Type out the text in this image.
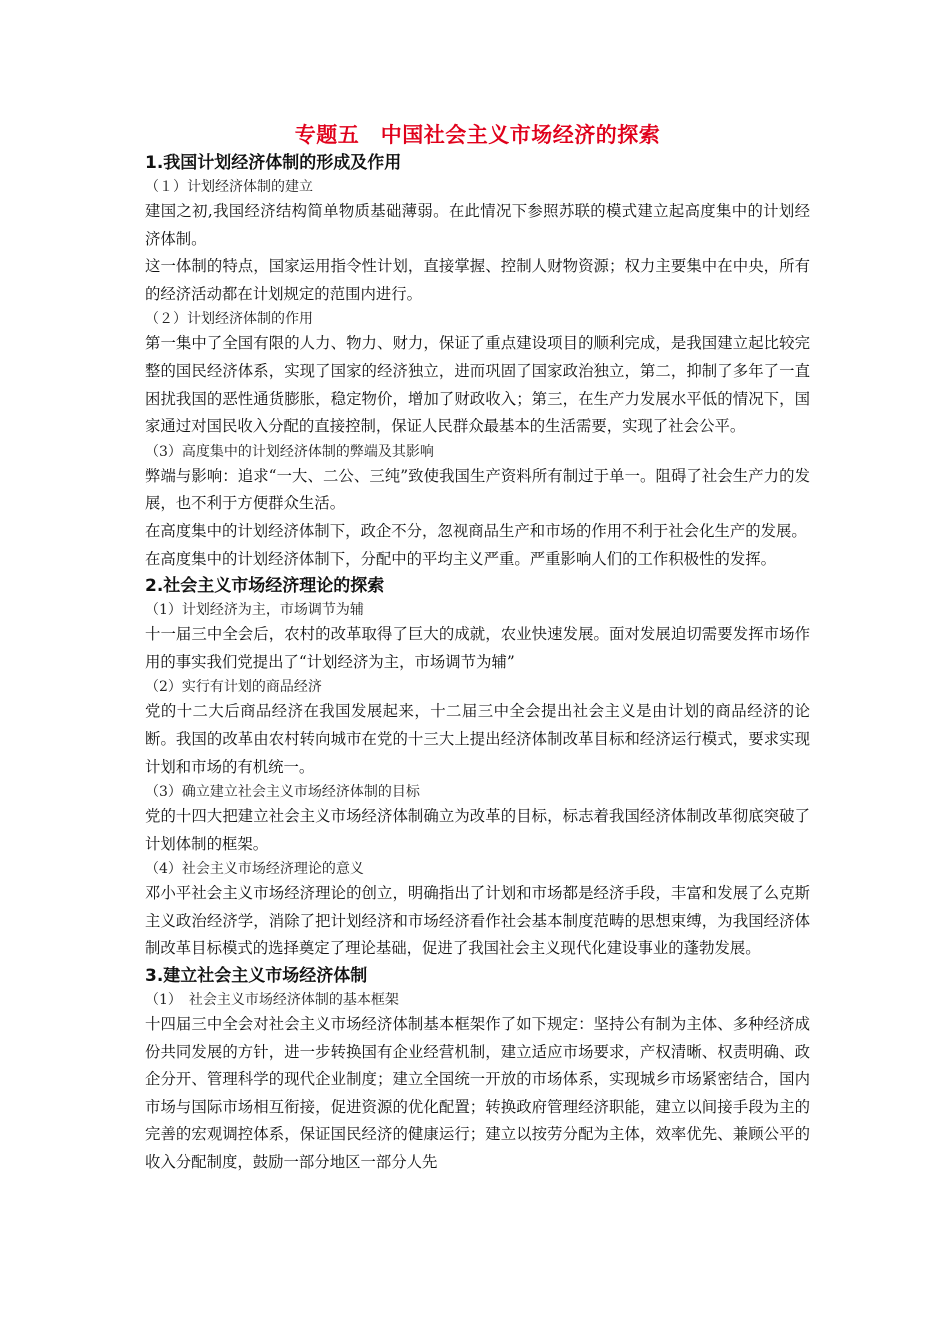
专题五　中国社会主义市场经济的探索

1.我国计划经济体制的形成及作用

（１）计划经济体制的建立

建国之初,我国经济结构简单物质基础薄弱。在此情况下参照苏联的模式建立起高度集中的计划经济体制。

这一体制的特点，国家运用指令性计划，直接掌握、控制人财物资源；权力主要集中在中央，所有的经济活动都在计划规定的范围内进行。

（２）计划经济体制的作用

第一集中了全国有限的人力、物力、财力，保证了重点建设项目的顺利完成，是我国建立起比较完整的国民经济体系，实现了国家的经济独立，进而巩固了国家政治独立，第二，抑制了多年了一直困扰我国的恶性通货膨胀，稳定物价，增加了财政收入；第三，在生产力发展水平低的情况下，国家通过对国民收入分配的直接控制，保证人民群众最基本的生活需要，实现了社会公平。

（3）高度集中的计划经济体制的弊端及其影响

弊端与影响：追求“一大、二公、三纯”致使我国生产资料所有制过于单一。阻碍了社会生产力的发展，也不利于方便群众生活。

在高度集中的计划经济体制下，政企不分，忽视商品生产和市场的作用不利于社会化生产的发展。

在高度集中的计划经济体制下，分配中的平均主义严重。严重影响人们的工作积极性的发挥。

2.社会主义市场经济理论的探索

（1）计划经济为主，市场调节为辅

十一届三中全会后，农村的改革取得了巨大的成就，农业快速发展。面对发展迫切需要发挥市场作用的事实我们党提出了“计划经济为主，市场调节为辅”

（2）实行有计划的商品经济

党的十二大后商品经济在我国发展起来，十二届三中全会提出社会主义是由计划的商品经济的论断。我国的改革由农村转向城市在党的十三大上提出经济体制改革目标和经济运行模式，要求实现计划和市场的有机统一。

（3）确立建立社会主义市场经济体制的目标

党的十四大把建立社会主义市场经济体制确立为改革的目标，标志着我国经济体制改革彻底突破了计划体制的框架。

（4）社会主义市场经济理论的意义

邓小平社会主义市场经济理论的创立，明确指出了计划和市场都是经济手段，丰富和发展了么克斯主义政治经济学，消除了把计划经济和市场经济看作社会基本制度范畴的思想束缚，为我国经济体制改革目标模式的选择奠定了理论基础，促进了我国社会主义现代化建设事业的蓬勃发展。

3.建立社会主义市场经济体制

（1）　社会主义市场经济体制的基本框架

十四届三中全会对社会主义市场经济体制基本框架作了如下规定：坚持公有制为主体、多种经济成份共同发展的方针，进一步转换国有企业经营机制，建立适应市场要求，产权清晰、权责明确、政企分开、管理科学的现代企业制度；建立全国统一开放的市场体系，实现城乡市场紧密结合，国内市场与国际市场相互衔接，促进资源的优化配置；转换政府管理经济职能，建立以间接手段为主的完善的宏观调控体系，保证国民经济的健康运行；建立以按劳分配为主体，效率优先、兼顾公平的收入分配制度，鼓励一部分地区一部分人先
